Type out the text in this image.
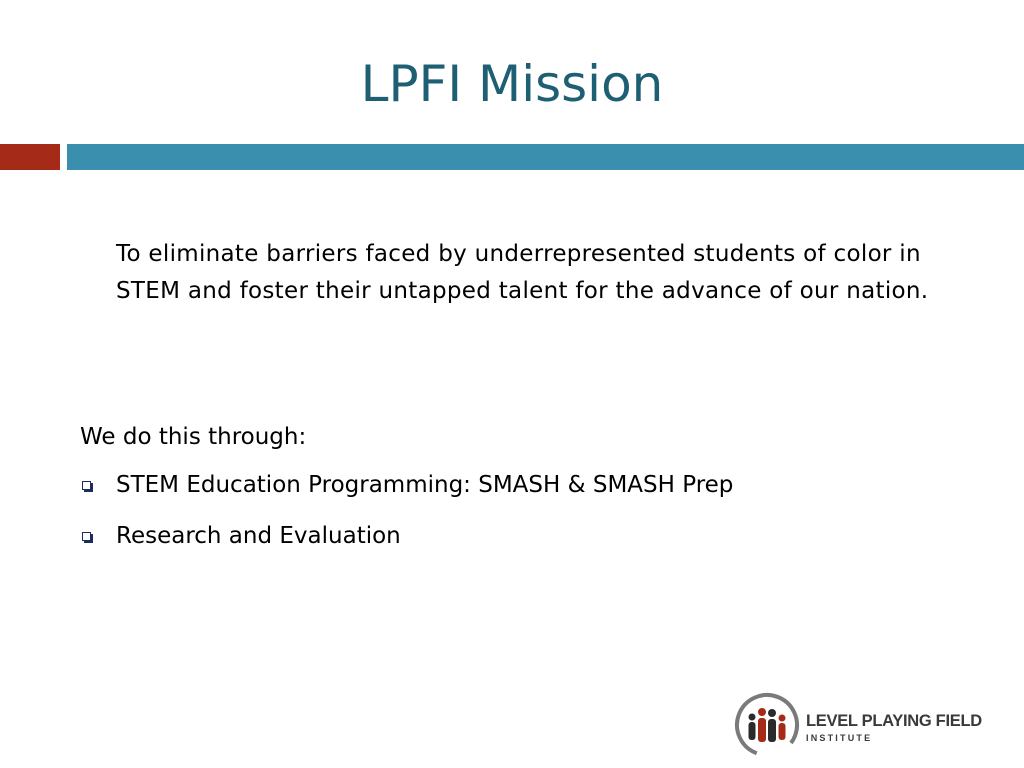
LPFI Mission
To eliminate barriers faced by underrepresented students of color in STEM and foster their untapped talent for the advance of our nation.
We do this through:
STEM Education Programming: SMASH & SMASH Prep
Research and Evaluation
LEVEL PLAYING FIELD
INSTITUTE
